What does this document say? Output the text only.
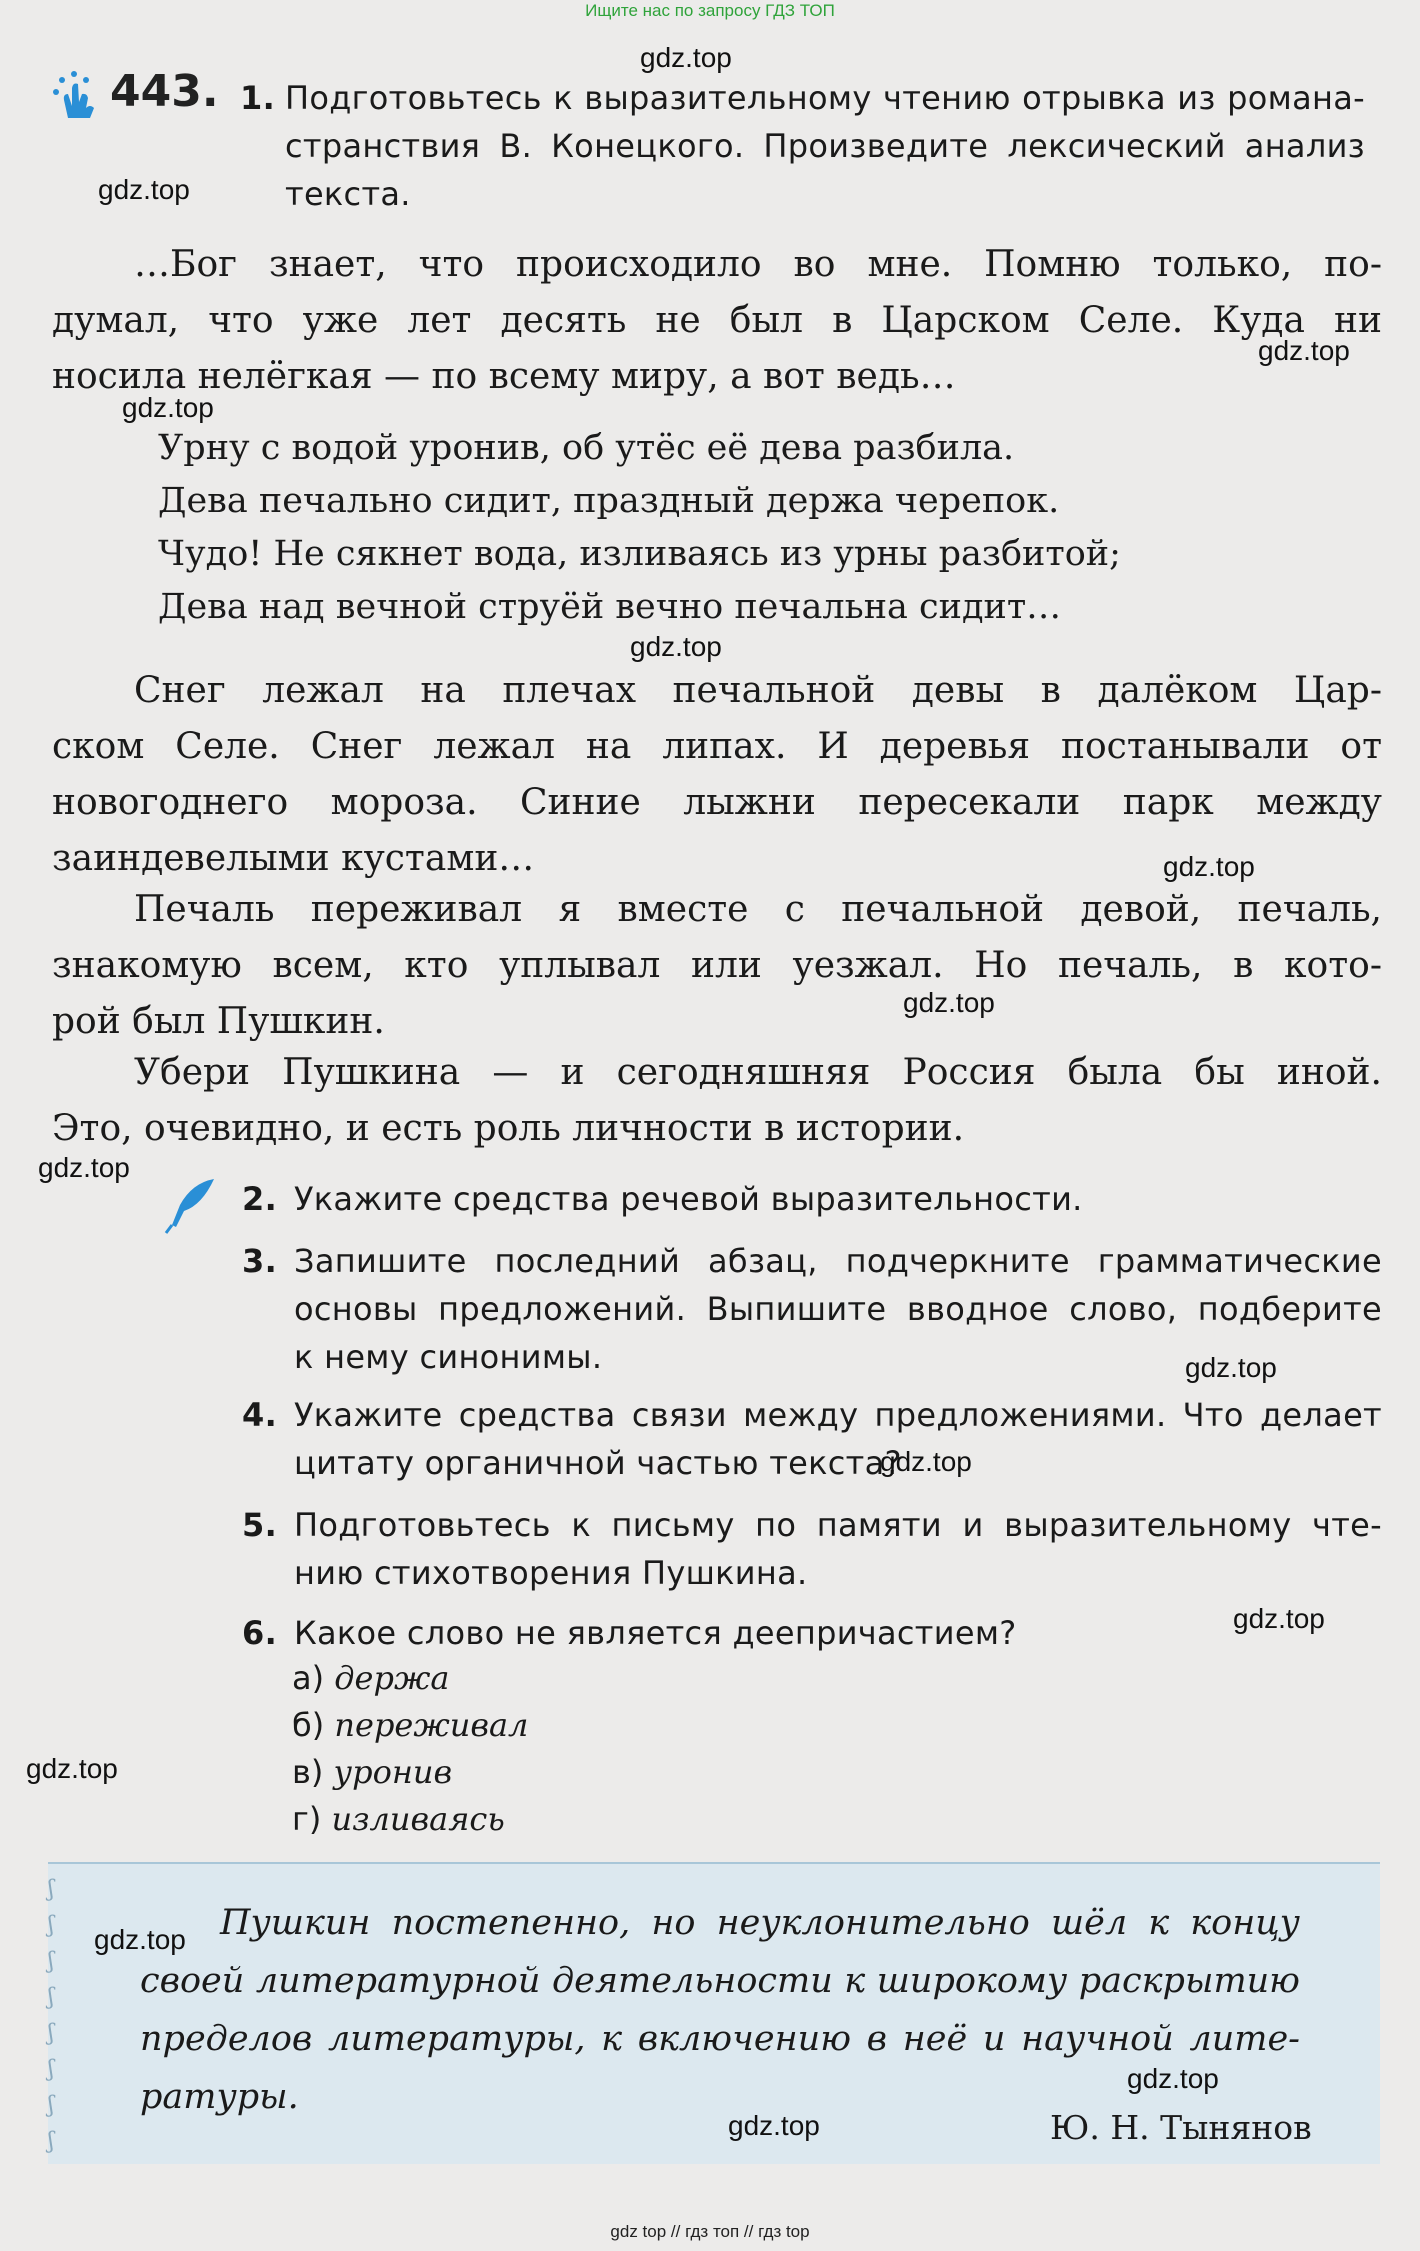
Ищите нас по запросу ГДЗ ТОП
gdz top // гдз топ // гдз top
443. 1. Подготовьтесь к выразительному чтению отрывка из романа-
странствия В. Конецкого. Произведите лексический анализ
текста.
…Бог знает, что происходило во мне. Помню только, по-
думал, что уже лет десять не был в Царском Селе. Куда ни
носила нелёгкая — по всему миру, а вот ведь…
Урну с водой уронив, об утёс её дева разбила.
Дева печально сидит, праздный держа черепок.
Чудо! Не сякнет вода, изливаясь из урны разбитой;
Дева над вечной струёй вечно печальна сидит…
Снег лежал на плечах печальной девы в далёком Цар-
ском Селе. Снег лежал на липах. И деревья постанывали от
новогоднего мороза. Синие лыжни пересекали парк между
заиндевелыми кустами…
Печаль переживал я вместе с печальной девой, печаль,
знакомую всем, кто уплывал или уезжал. Но печаль, в кото-
рой был Пушкин.
Убери Пушкина — и сегодняшняя Россия была бы иной.
Это, очевидно, и есть роль личности в истории.
2. Укажите средства речевой выразительности.
3. Запишите последний абзац, подчеркните грамматические
основы предложений. Выпишите вводное слово, подберите
к нему синонимы.
4. Укажите средства связи между предложениями. Что делает
цитату органичной частью текста?
5. Подготовьтесь к письму по памяти и выразительному чте-
нию стихотворения Пушкина.
6. Какое слово не является деепричастием?
а) держа
б) переживал
в) уронив
г) изливаясь
ʃ
ʃ
ʃ
ʃ
ʃ
ʃ
ʃ
ʃ
Пушкин постепенно, но неуклонительно шёл к концу
своей литературной деятельности к широкому раскрытию
пределов литературы, к включению в неё и научной лите-
ратуры.
Ю. Н. Тынянов
gdz.top
gdz.top
gdz.top
gdz.top
gdz.top
gdz.top
gdz.top
gdz.top
gdz.top
gdz.top
gdz.top
gdz.top
gdz.top
gdz.top
gdz.top
